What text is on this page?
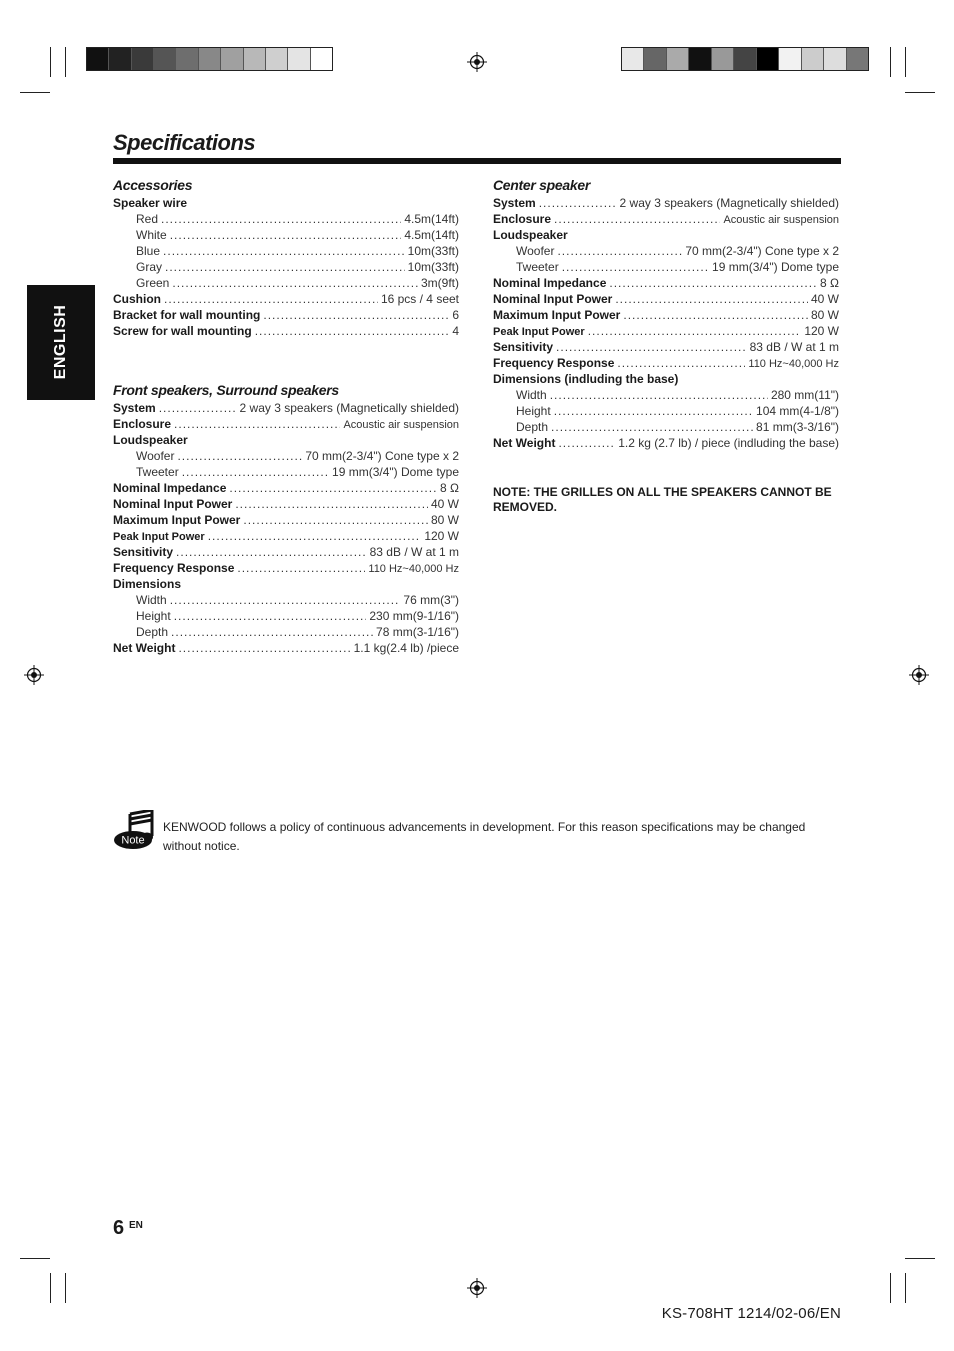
Specifications
ENGLISH
Accessories
Speaker wire
Red .....	4.5m(14ft)
White .....	4.5m(14ft)
Blue .....	10m(33ft)
Gray .....	10m(33ft)
Green .....	3m(9ft)
Cushion .....	16 pcs / 4 seet
Bracket for wall mounting .....	6
Screw for wall mounting .....	4
Front speakers, Surround speakers
System .....	2 way 3 speakers (Magnetically shielded)
Enclosure .....	Acoustic air suspension
Loudspeaker
Woofer .....	70 mm(2-3/4") Cone type x 2
Tweeter .....	19 mm(3/4") Dome type
Nominal Impedance .....	8 Ω
Nominal Input Power .....	40 W
Maximum Input Power .....	80 W
Peak Input Power .....	120 W
Sensitivity .....	83 dB / W at 1 m
Frequency Response .....	110 Hz~40,000 Hz
Dimensions
Width .....	76 mm(3")
Height .....	230 mm(9-1/16")
Depth .....	78 mm(3-1/16")
Net Weight .....	1.1 kg(2.4 lb) /piece
Center speaker
System .....	2 way 3 speakers (Magnetically shielded)
Enclosure .....	Acoustic air suspension
Loudspeaker
Woofer .....	70 mm(2-3/4") Cone type x 2
Tweeter .....	19 mm(3/4") Dome type
Nominal Impedance .....	8 Ω
Nominal Input Power .....	40 W
Maximum Input Power .....	80 W
Peak Input Power .....	120 W
Sensitivity .....	83 dB / W at 1 m
Frequency Response .....	110 Hz~40,000 Hz
Dimensions (indluding the base)
Width .....	280 mm(11")
Height .....	104 mm(4-1/8")
Depth .....	81 mm(3-3/16")
Net Weight .....	1.2 kg (2.7 lb) / piece (indluding the base)
NOTE: THE GRILLES ON ALL THE SPEAKERS CANNOT BE REMOVED.
Note
KENWOOD follows a policy of continuous advancements in development. For this reason specifications may be changed without notice.
6 EN
KS-708HT 1214/02-06/EN
